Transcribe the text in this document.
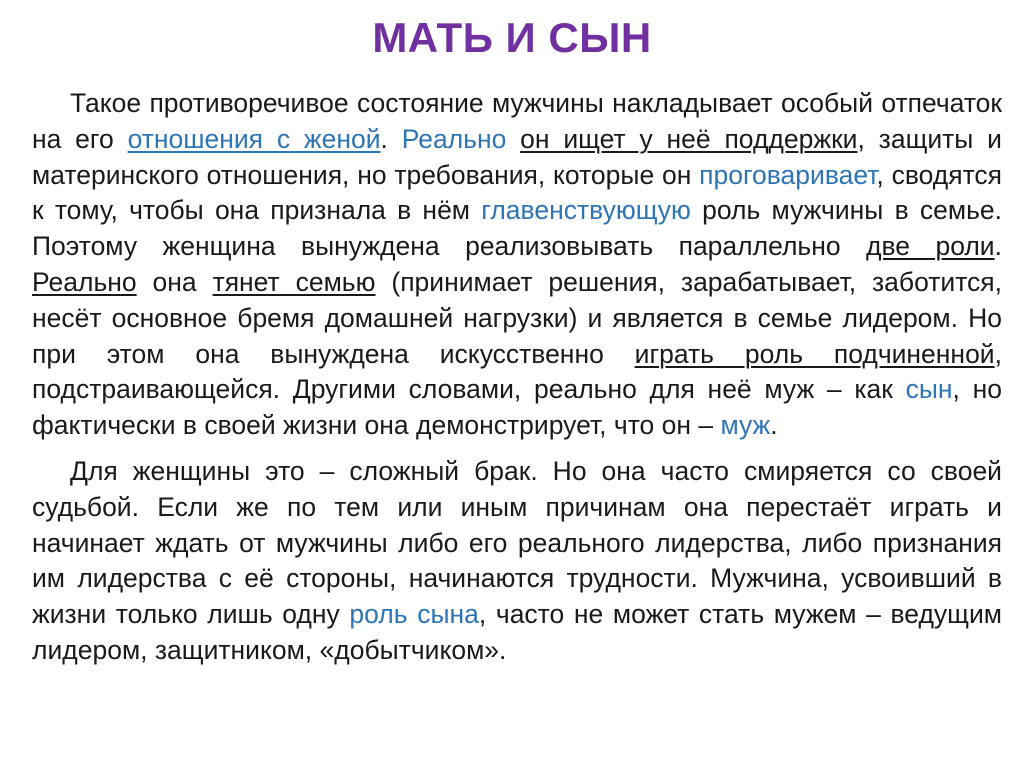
МАТЬ И СЫН

Такое противоречивое состояние мужчины накладывает особый отпечаток на его отношения с женой. Реально он ищет у неё поддержки, защиты и материнского отношения, но требования, которые он проговаривает, сводятся к тому, чтобы она признала в нём главенствующую роль мужчины в семье. Поэтому женщина вынуждена реализовывать параллельно две роли. Реально она тянет семью (принимает решения, зарабатывает, заботится, несёт основное бремя домашней нагрузки) и является в семье лидером. Но при этом она вынуждена искусственно играть роль подчиненной, подстраивающейся. Другими словами, реально для неё муж – как сын, но фактически в своей жизни она демонстрирует, что он – муж.

Для женщины это – сложный брак. Но она часто смиряется со своей судьбой. Если же по тем или иным причинам она перестаёт играть и начинает ждать от мужчины либо его реального лидерства, либо признания им лидерства с её стороны, начинаются трудности. Мужчина, усвоивший в жизни только лишь одну роль сына, часто не может стать мужем – ведущим лидером, защитником, «добытчиком».
